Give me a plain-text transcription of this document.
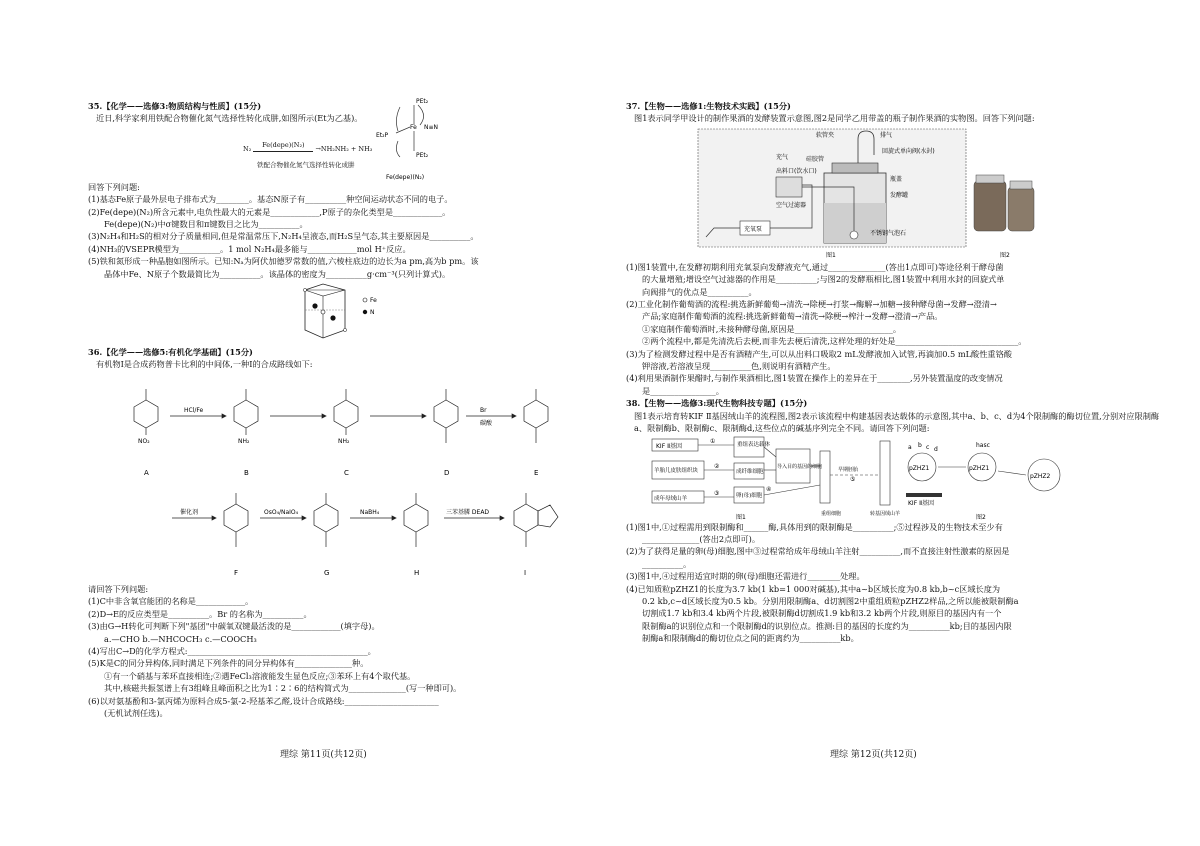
35.【化学——选修3:物质结构与性质】(15分)

近日,科学家利用铁配合物催化氮气选择性转化成肼,如图所示(Et为乙基)。

N₂ Fe(depe)(N₂) →NH₂NH₂ + NH₃
铁配合物催化氮气选择性转化成肼
PEt₂
Et₂P
Fe N≡N
PEt₂
Fe(depe)(N₂)

回答下列问题:

(1)基态Fe原子最外层电子排布式为________。基态N原子有__________种空间运动状态不同的电子。

(2)Fe(depe)(N₂)所含元素中,电负性最大的元素是____________,P原子的杂化类型是____________。

Fe(depe)(N₂)中σ键数目和π键数目之比为__________。

(3)N₂H₄和H₂S的相对分子质量相同,但是常温常压下,N₂H₄呈液态,而H₂S呈气态,其主要原因是__________。

(4)NH₃的VSEPR模型为__________。1 mol N₂H₄最多能与____________mol H⁺反应。

(5)铁和氮形成一种晶胞如图所示。已知:Nₐ为阿伏加德罗常数的值,六棱柱底边的边长为a pm,高为b pm。该

晶体中Fe、N原子个数最简比为__________。该晶体的密度为__________g·cm⁻³(只列计算式)。

Fe
N

36.【化学——选修5:有机化学基础】(15分)

有机物I是合成药物普卡比利的中间体,一种I的合成路线如下:

HCl/Fe	Br
碳酸
NO₂	NH₂	NH₂
A	B	C	D	E
催化剂	OsO₄/NaIO₄	NaBH₄	三苯基膦 DEAD
F	G	H	I

请回答下列问题:

(1)C中非含氧官能团的名称是____________。

(2)D→E的反应类型是__________。Br 的名称为__________。

(3)由G→H转化可判断下列"基团"中碳氧双键最活泼的是____________(填字母)。

a.—CHO b.—NHCOCH₃ c.—COOCH₃

(4)写出C→D的化学方程式:____________________________________________。

(5)K是C的同分异构体,同时满足下列条件的同分异构体有______________种。

①有一个硝基与苯环直接相连;②遇FeCl₃溶液能发生显色反应;③苯环上有4个取代基。

其中,核磁共振氢谱上有3组峰且峰面积之比为1∶2∶6的结构简式为______________(写一种即可)。

(6)以对氨基酚和3-氯丙烯为原料合成5-氯-2-羟基苯乙醛,设计合成路线:_______________________

(无机试剂任选)。

理综 第11页(共12页)

37.【生物——选修1:生物技术实践】(15分)

图1表示同学甲设计的制作果酒的发酵装置示意图,图2是同学乙用带盖的瓶子制作果酒的实物图。回答下列问题:

软管夹	排气
充气	硅胶管
出料口(饮水口)
空气过滤器
充氧泵
瓶盖
发酵罐
不锈钢气泡石
回旋式单向阀(水封)
图1	图2

(1)图1装置中,在发酵初期利用充氧泵向发酵液充气,通过______________(答出1点即可)等途径利于酵母菌

的大量增殖;增设空气过滤器的作用是__________;与图2的发酵瓶相比,图1装置中利用水封的回旋式单

向阀排气的优点是__________。

(2)工业化制作葡萄酒的流程:挑选新鲜葡萄→清洗→除梗→打浆→酶解→加糖→接种酵母菌→发酵→澄清→

产品;家庭制作葡萄酒的流程:挑选新鲜葡萄→清洗→除梗→榨汁→发酵→澄清→产品。

①家庭制作葡萄酒时,未接种酵母菌,原因是________________________。

②两个流程中,都是先清洗后去梗,而非先去梗后清洗,这样处理的好处是______________________________。

(3)为了检测发酵过程中是否有酒精产生,可以从出料口吸取2 mL发酵液加入试管,再滴加0.5 mL酸性重铬酸

钾溶液,若溶液呈现__________色,则说明有酒精产生。

(4)利用果酒制作果醋时,与制作果酒相比,图1装置在操作上的差异在于________,另外装置温度的改变情况

是________________。

38.【生物——选修3:现代生物科技专题】(15分)

图1表示培育转KIF Ⅱ基因绒山羊的流程图,图2表示该流程中构建基因表达载体的示意图,其中a、b、c、d为4个限制酶的酶切位置,分别对应限制酶a、限制酶b、限制酶c、限制酶d,这些位点的碱基序列完全不同。请回答下列问题:

KIF Ⅱ基因	重组表达载体
羊胎儿皮肤组织块	成纤维细胞
成年母绒山羊	卵(母)细胞
导入目的基因的细胞
重组细胞
早期胚胎
转基因绒山羊
①
②
③
④
⑤
pZHZ1	pZHZ1
pZHZ2
a b c d
hasc
KIF Ⅱ基因
图1	图2

(1)图1中,①过程需用到限制酶和______酶,具体用到的限制酶是__________;⑤过程涉及的生物技术至少有

______________(答出2点即可)。

(2)为了获得足量的卵(母)细胞,图中③过程常给成年母绒山羊注射__________,而不直接注射性激素的原因是

__________。

(3)图1中,④过程用适宜时期的卵(母)细胞还需进行________处理。

(4)已知质粒pZHZ1的长度为3.7 kb(1 kb=1 000对碱基),其中a~b区域长度为0.8 kb,b~c区域长度为

0.2 kb,c~d区域长度为0.5 kb。分别用限制酶a、d切割图2中重组质粒pZHZ2样品,之所以能被限制酶a

切割成1.7 kb和3.4 kb两个片段,被限制酶d切割成1.9 kb和3.2 kb两个片段,则原目的基因内有一个

限制酶a的识别位点和一个限制酶d的识别位点。推测:目的基因的长度约为__________kb;目的基因内限

制酶a和限制酶d的酶切位点之间的距离约为__________kb。

理综 第12页(共12页)
